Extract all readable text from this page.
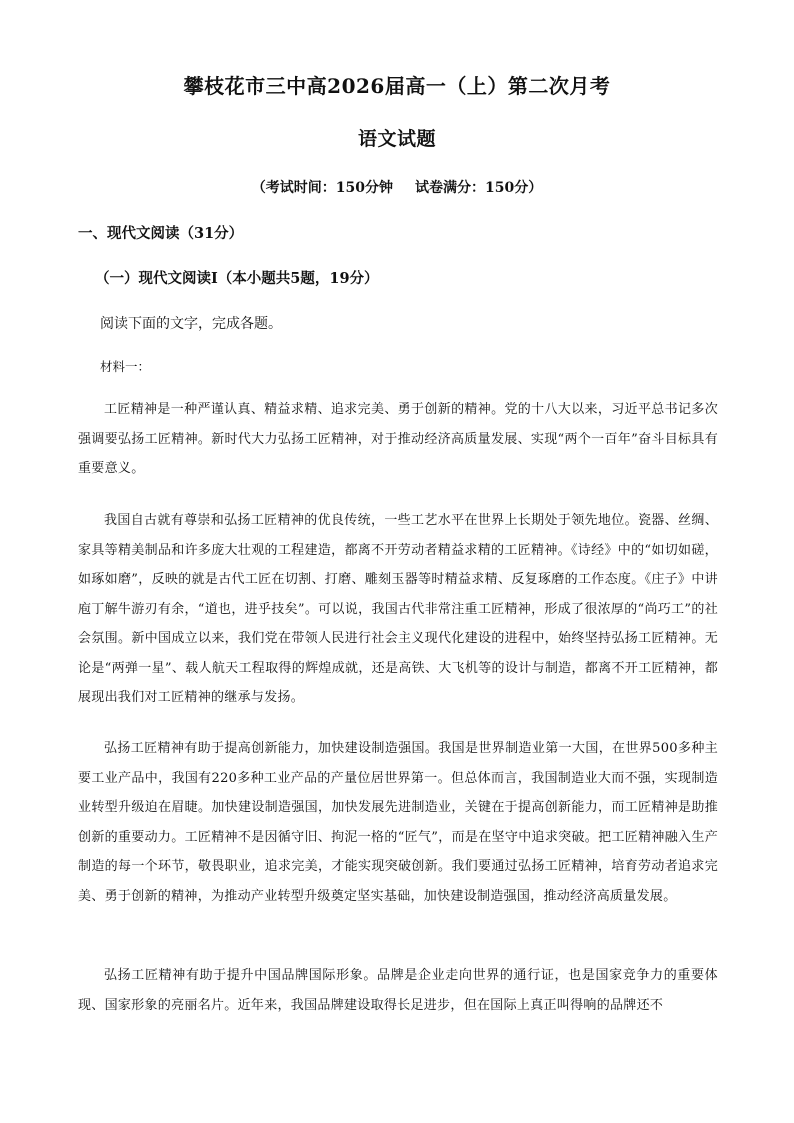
攀枝花市三中高2026届高一（上）第二次月考
语文试题
（考试时间：150分钟 试卷满分：150分）
一、现代文阅读（31分）
（一）现代文阅读Ⅰ（本小题共5题，19分）
阅读下面的文字，完成各题。
材料一：

工匠精神是一种严谨认真、精益求精、追求完美、勇于创新的精神。党的十八大以来，习近平总书记多次强调要弘扬工匠精神。新时代大力弘扬工匠精神，对于推动经济高质量发展、实现“两个一百年”奋斗目标具有重要意义。

我国自古就有尊崇和弘扬工匠精神的优良传统，一些工艺水平在世界上长期处于领先地位。瓷器、丝绸、家具等精美制品和许多庞大壮观的工程建造，都离不开劳动者精益求精的工匠精神。《诗经》中的“如切如磋，如琢如磨”，反映的就是古代工匠在切割、打磨、雕刻玉器等时精益求精、反复琢磨的工作态度。《庄子》中讲庖丁解牛游刃有余，“道也，进乎技矣”。可以说，我国古代非常注重工匠精神，形成了很浓厚的“尚巧工”的社会氛围。新中国成立以来，我们党在带领人民进行社会主义现代化建设的进程中，始终坚持弘扬工匠精神。无论是“两弹一星”、载人航天工程取得的辉煌成就，还是高铁、大飞机等的设计与制造，都离不开工匠精神，都展现出我们对工匠精神的继承与发扬。

弘扬工匠精神有助于提高创新能力，加快建设制造强国。我国是世界制造业第一大国，在世界500多种主要工业产品中，我国有220多种工业产品的产量位居世界第一。但总体而言，我国制造业大而不强，实现制造业转型升级迫在眉睫。加快建设制造强国，加快发展先进制造业，关键在于提高创新能力，而工匠精神是助推创新的重要动力。工匠精神不是因循守旧、拘泥一格的“匠气”，而是在坚守中追求突破。把工匠精神融入生产制造的每一个环节，敬畏职业，追求完美，才能实现突破创新。我们要通过弘扬工匠精神，培育劳动者追求完美、勇于创新的精神，为推动产业转型升级奠定坚实基础，加快建设制造强国，推动经济高质量发展。

弘扬工匠精神有助于提升中国品牌国际形象。品牌是企业走向世界的通行证，也是国家竞争力的重要体现、国家形象的亮丽名片。近年来，我国品牌建设取得长足进步，但在国际上真正叫得响的品牌还不
